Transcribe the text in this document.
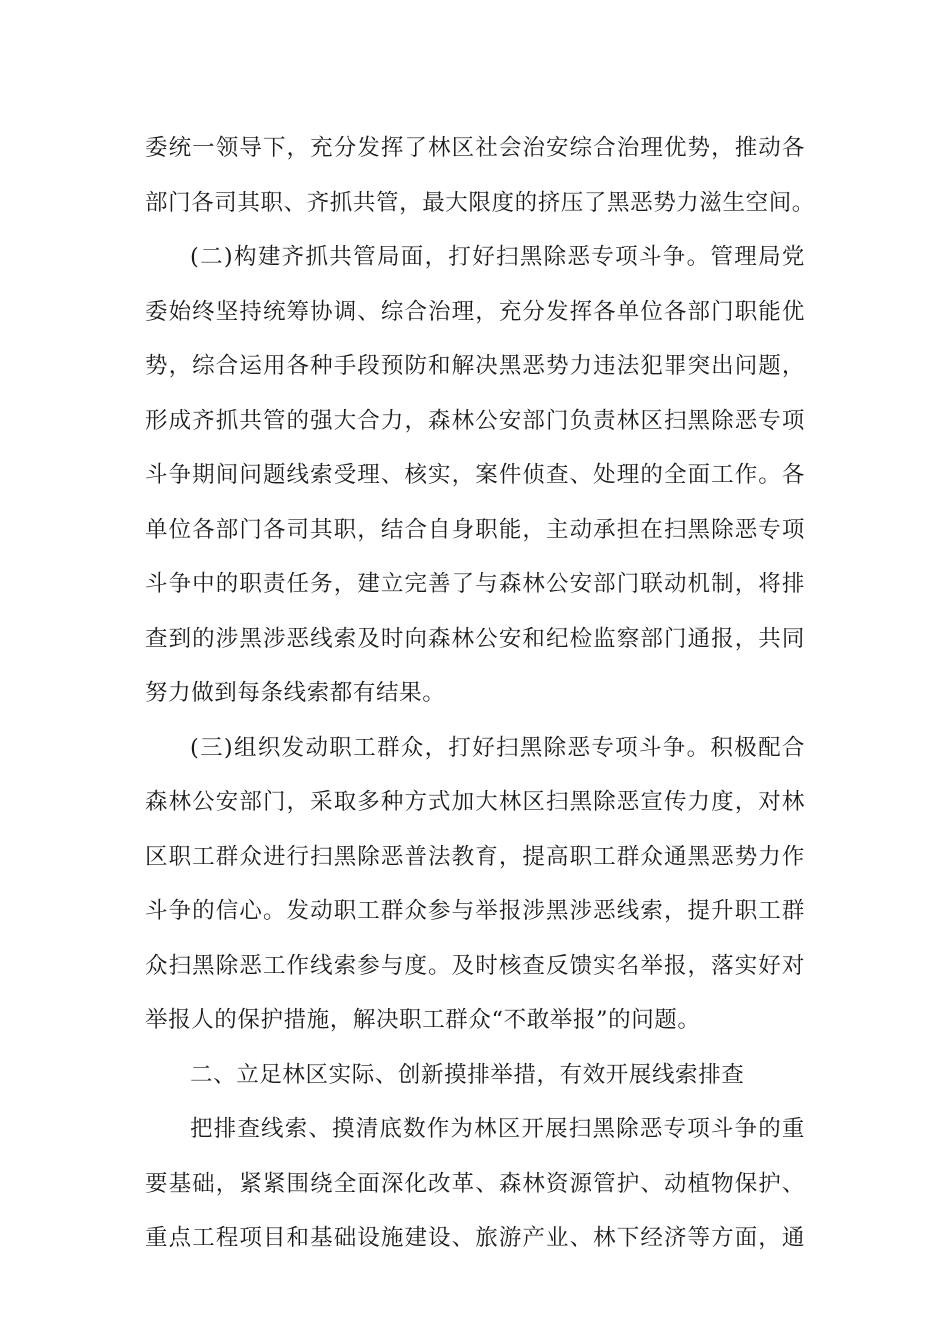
委统一领导下，充分发挥了林区社会治安综合治理优势，推动各
部门各司其职、齐抓共管，最大限度的挤压了黑恶势力滋生空间。
(二)构建齐抓共管局面，打好扫黑除恶专项斗争。管理局党
委始终坚持统筹协调、综合治理，充分发挥各单位各部门职能优
势，综合运用各种手段预防和解决黑恶势力违法犯罪突出问题，
形成齐抓共管的强大合力，森林公安部门负责林区扫黑除恶专项
斗争期间问题线索受理、核实，案件侦查、处理的全面工作。各
单位各部门各司其职，结合自身职能，主动承担在扫黑除恶专项
斗争中的职责任务，建立完善了与森林公安部门联动机制，将排
查到的涉黑涉恶线索及时向森林公安和纪检监察部门通报，共同
努力做到每条线索都有结果。
(三)组织发动职工群众，打好扫黑除恶专项斗争。积极配合
森林公安部门，采取多种方式加大林区扫黑除恶宣传力度，对林
区职工群众进行扫黑除恶普法教育，提高职工群众通黑恶势力作
斗争的信心。发动职工群众参与举报涉黑涉恶线索，提升职工群
众扫黑除恶工作线索参与度。及时核查反馈实名举报，落实好对
举报人的保护措施，解决职工群众“不敢举报”的问题。
二、立足林区实际、创新摸排举措，有效开展线索排查
把排查线索、摸清底数作为林区开展扫黑除恶专项斗争的重
要基础，紧紧围绕全面深化改革、森林资源管护、动植物保护、
重点工程项目和基础设施建设、旅游产业、林下经济等方面，通
